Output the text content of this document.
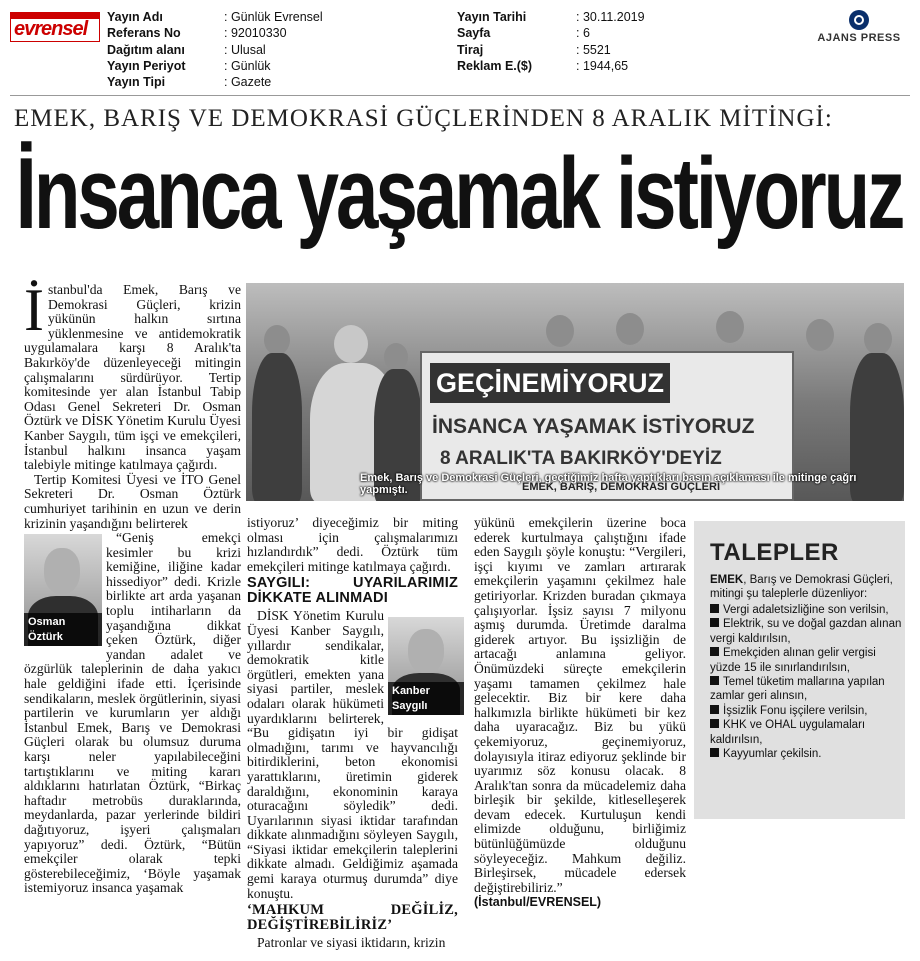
evrensel
Yayın Adı
Referans No
Dağıtım alanı
Yayın Periyot
Yayın Tipi
: Günlük Evrensel
: 92010330
: Ulusal
: Günlük
: Gazete
Yayın Tarihi
Sayfa
Tiraj
Reklam E.($)
: 30.11.2019
: 6
: 5521
: 1944,65
AJANS PRESS
EMEK, BARIŞ VE DEMOKRASİ GÜÇLERİNDEN 8 ARALIK MİTİNGİ:
İnsanca yaşamak istiyoruz
GEÇİNEMİYORUZ
İNSANCA YAŞAMAK İSTİYORUZ
8 ARALIK'TA BAKIRKÖY'DEYİZ
EMEK, BARIŞ, DEMOKRASİ GÜÇLERİ
Emek, Barış ve Demokrasi Güçleri, geçtiğimiz hafta yaptıkları basın açıklaması ile mitinge çağrı yapmıştı.

İstanbul'da Emek, Barış ve Demokrasi Güçleri, krizin yükünün halkın sırtına yüklenmesine ve antidemokratik uygulamalara karşı 8 Aralık'ta Bakırköy'de düzenleyeceği mitingin çalışmalarını sürdürüyor. Tertip komitesinde yer alan İstanbul Tabip Odası Genel Sekreteri Dr. Osman Öztürk ve DİSK Yönetim Kurulu Üyesi Kanber Saygılı, tüm işçi ve emekçileri, İstanbul halkını insanca yaşam talebiyle mitinge katılmaya çağırdı.

Tertip Komitesi Üyesi ve İTO Genel Sekreteri Dr. Osman Öztürk cumhuriyet tarihinin en uzun ve derin krizinin yaşandığını belirterek

Osman Öztürk

“Geniş emekçi kesimler bu krizi kemiğine, iliğine kadar hissediyor” dedi. Krizle birlikte art arda yaşanan toplu intiharların da yaşandığına dikkat çeken Öztürk, diğer yandan adalet ve özgürlük taleplerinin de daha yakıcı hale geldiğini ifade etti. İçerisinde sendikaların, meslek örgütlerinin, siyasi partilerin ve kurumların yer aldığı İstanbul Emek, Barış ve Demokrasi Güçleri olarak bu olumsuz duruma karşı neler yapılabileceğini tartıştıklarını ve miting kararı aldıklarını hatırlatan Öztürk, “Birkaç haftadır metrobüs duraklarında, meydanlarda, pazar yerlerinde bildiri dağıtıyoruz, işyeri çalışmaları yapıyoruz” dedi. Öztürk, “Bütün emekçiler olarak tepki gösterebileceğimiz, ‘Böyle yaşamak istemiyoruz insanca yaşamak

istiyoruz’ diyeceğimiz bir miting olması için çalışmalarımızı hızlandırdık” dedi. Öztürk tüm emekçileri mitinge katılmaya çağırdı.

SAYGILI: UYARILARIMIZ DİKKATE ALINMADI
Kanber Saygılı

DİSK Yönetim Kurulu Üyesi Kanber Saygılı, yıllardır sendikalar, demokratik kitle örgütleri, emekten yana siyasi partiler, meslek odaları olarak hükümeti uyardıklarını belirterek, “Bu gidişatın iyi bir gidişat olmadığını, tarımı ve hayvancılığı bitirdiklerini, beton ekonomisi yarattıklarını, üretimin giderek daraldığını, ekonominin karaya oturacağını söyledik” dedi. Uyarılarının siyasi iktidar tarafından dikkate alınmadığını söyleyen Saygılı, “Siyasi iktidar emekçilerin taleplerini dikkate almadı. Geldiğimiz aşamada gemi karaya oturmuş durumda” diye konuştu.

‘MAHKUM DEĞİLİZ, DEĞİŞTİREBİLİRİZ’

Patronlar ve siyasi iktidarın, krizin

yükünü emekçilerin üzerine boca ederek kurtulmaya çalıştığını ifade eden Saygılı şöyle konuştu: “Vergileri, işçi kıyımı ve zamları artırarak emekçilerin yaşamını çekilmez hale getiriyorlar. Krizden buradan çıkmaya çalışıyorlar. İşsiz sayısı 7 milyonu aşmış durumda. Üretimde daralma giderek artıyor. Bu işsizliğin de artacağı anlamına geliyor. Önümüzdeki süreçte emekçilerin yaşamı tamamen çekilmez hale gelecektir. Biz bir kere daha halkımızla birlikte hükümeti bir kez daha uyaracağız. Biz bu yükü çekemiyoruz, geçinemiyoruz, dolayısıyla itiraz ediyoruz şeklinde bir uyarımız söz konusu olacak. 8 Aralık'tan sonra da mücadelemiz daha birleşik bir şekilde, kitleselleşerek devam edecek. Kurtuluşun kendi elimizde olduğunu, birliğimiz bütünlüğümüzde olduğunu söyleyeceğiz. Mahkum değiliz. Birleşirsek, mücadele edersek değiştirebiliriz.”

(İstanbul/EVRENSEL)
TALEPLER
EMEK, Barış ve Demokrasi Güçleri, mitingi şu taleplerle düzenliyor:
Vergi adaletsizliğine son verilsin,
Elektrik, su ve doğal gazdan alınan vergi kaldırılsın,
Emekçiden alınan gelir vergisi yüzde 15 ile sınırlandırılsın,
Temel tüketim mallarına yapılan zamlar geri alınsın,
İşsizlik Fonu işçilere verilsin,
KHK ve OHAL uygulamaları kaldırılsın,
Kayyumlar çekilsin.
